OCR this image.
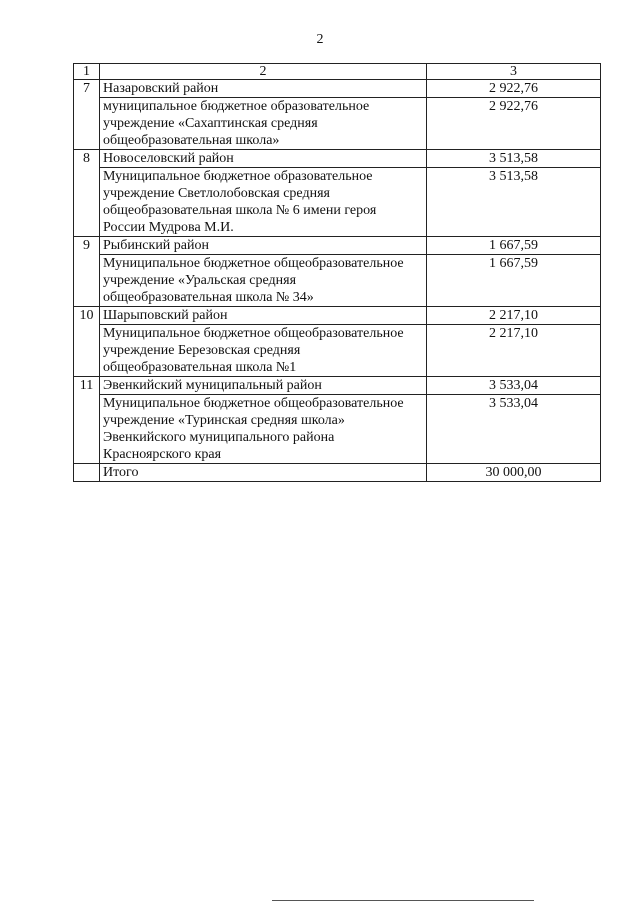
2
1	2	3
7	Назаровский район	2 922,76

	муниципальное бюджетное образовательное
учреждение «Сахаптинская средняя
общеобразовательная школа»	2 922,76
8	Новоселовский район	3 513,58

	Муниципальное бюджетное образовательное
учреждение Светлолобовская средняя
общеобразовательная школа № 6 имени героя
России Мудрова М.И.	3 513,58
9	Рыбинский район	1 667,59

	Муниципальное бюджетное общеобразовательное
учреждение «Уральская средняя
общеобразовательная школа № 34»	1 667,59
10	Шарыповский район	2 217,10

	Муниципальное бюджетное общеобразовательное
учреждение Березовская средняя
общеобразовательная школа №1	2 217,10
11	Эвенкийский муниципальный район	3 533,04

	Муниципальное бюджетное общеобразовательное
учреждение «Туринская средняя школа»
Эвенкийского муниципального района
Красноярского края	3 533,04
	Итого	30 000,00
